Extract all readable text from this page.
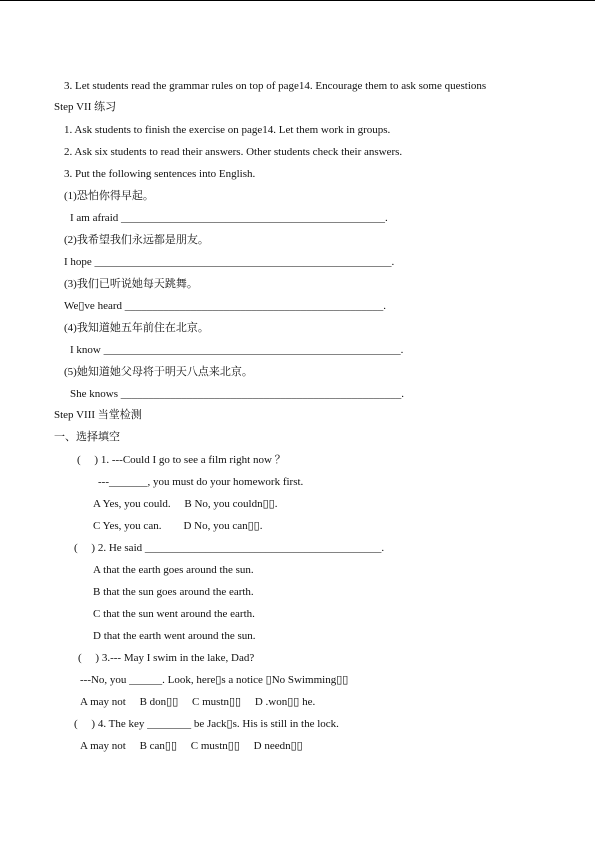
3. Let students read the grammar rules on top of page14. Encourage them to ask some questions
Step VII 练习
1. Ask students to finish the exercise on page14. Let them work in groups.
2. Ask six students to read their answers. Other students check their answers.
3. Put the following sentences into English.
(1)恐怕你得早起。
I am afraid ________________________________________________.
(2)我希望我们永远都是朋友。
I hope ______________________________________________________.
(3)我们已听说她每天跳舞。
We▯ve heard _______________________________________________.
(4)我知道她五年前住在北京。
I know ______________________________________________________.
(5)她知道她父母将于明天八点来北京。
She knows ___________________________________________________.
Step VIII 当堂检测
一、选择填空
(     ) 1. ---Could I go to see a film right now ？
---_______, you must do your homework first.
A Yes, you could.     B No, you couldn▯▯.
C Yes, you can.        D No, you can▯▯.
(     ) 2. He said ___________________________________________.
A that the earth goes around the sun.
B that the sun goes around the earth.
C that the sun went around the earth.
D that the earth went around the sun.
(     ) 3.--- May I swim in the lake, Dad?
---No, you ______. Look, here▯s a notice ▯No Swimming▯▯
A may not     B don▯▯     C mustn▯▯     D .won▯▯ he.
(     ) 4. The key ________ be Jack▯s. His is still in the lock.
A may not     B can▯▯     C mustn▯▯     D needn▯▯
